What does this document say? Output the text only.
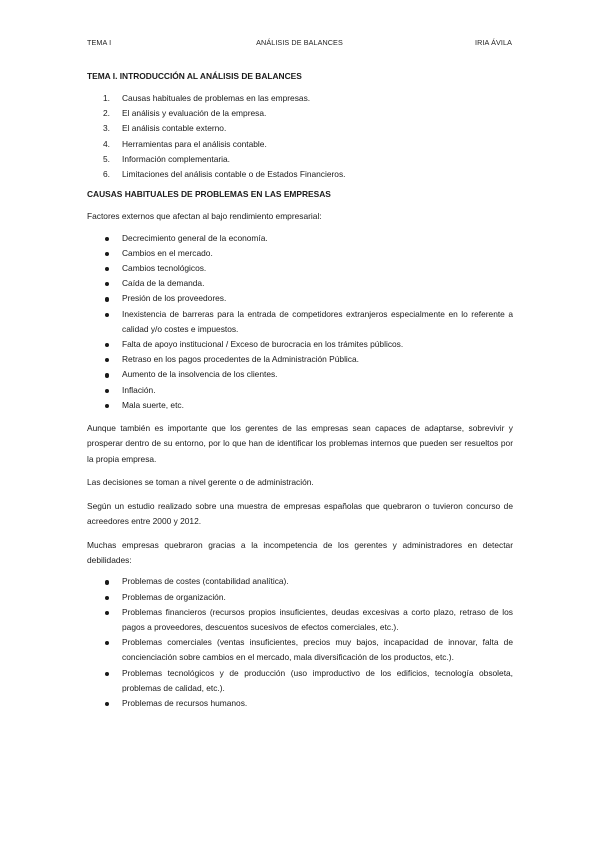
TEMA I	ANÁLISIS DE BALANCES	IRIA ÁVILA

TEMA I. INTRODUCCIÓN AL ANÁLISIS DE BALANCES

1. Causas habituales de problemas en las empresas.
2. El análisis y evaluación de la empresa.
3. El análisis contable externo.
4. Herramientas para el análisis contable.
5. Información complementaria.
6. Limitaciones del análisis contable o de Estados Financieros.

CAUSAS HABITUALES DE PROBLEMAS EN LAS EMPRESAS

Factores externos que afectan al bajo rendimiento empresarial:

Decrecimiento general de la economía.
Cambios en el mercado.
Cambios tecnológicos.
Caída de la demanda.
Presión de los proveedores.
Inexistencia de barreras para la entrada de competidores extranjeros especialmente en lo referente a calidad y/o costes e impuestos.
Falta de apoyo institucional / Exceso de burocracia en los trámites públicos.
Retraso en los pagos procedentes de la Administración Pública.
Aumento de la insolvencia de los clientes.
Inflación.
Mala suerte, etc.

Aunque también es importante que los gerentes de las empresas sean capaces de adaptarse, sobrevivir y prosperar dentro de su entorno, por lo que han de identificar los problemas internos que pueden ser resueltos por la propia empresa.

Las decisiones se toman a nivel gerente o de administración.

Según un estudio realizado sobre una muestra de empresas españolas que quebraron o tuvieron concurso de acreedores entre 2000 y 2012.

Muchas empresas quebraron gracias a la incompetencia de los gerentes y administradores en detectar debilidades:

Problemas de costes (contabilidad analítica).
Problemas de organización.
Problemas financieros (recursos propios insuficientes, deudas excesivas a corto plazo, retraso de los pagos a proveedores, descuentos sucesivos de efectos comerciales, etc.).
Problemas comerciales (ventas insuficientes, precios muy bajos, incapacidad de innovar, falta de concienciación sobre cambios en el mercado, mala diversificación de los productos, etc.).
Problemas tecnológicos y de producción (uso improductivo de los edificios, tecnología obsoleta, problemas de calidad, etc.).
Problemas de recursos humanos.
